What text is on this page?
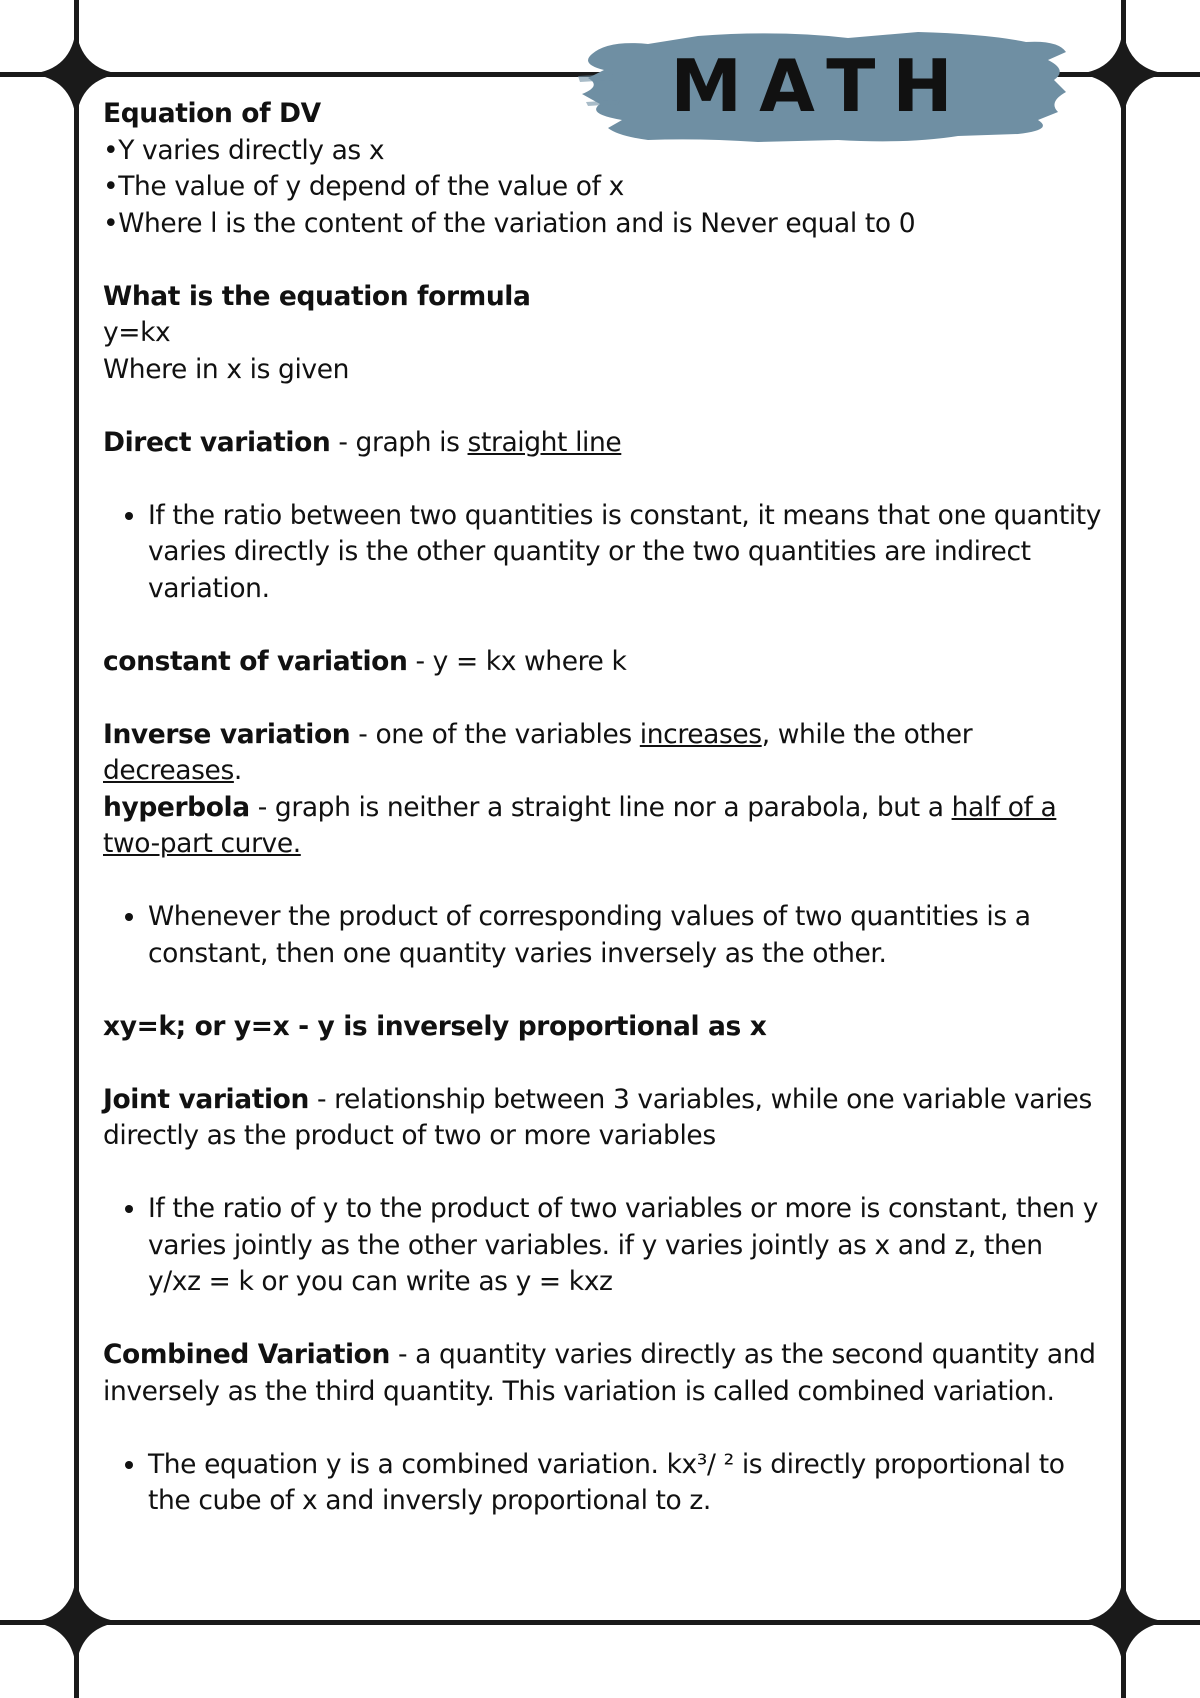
MATH

Equation of DV

•Y varies directly as x

•The value of y depend of the value of x

•Where l is the content of the variation and is Never equal to 0

What is the equation formula

y=kx

Where in x is given

Direct variation - graph is straight line

• If the ratio between two quantities is constant, it means that one quantity varies directly is the other quantity or the two quantities are indirect variation.

constant of variation - y = kx where k

Inverse variation - one of the variables increases, while the other decreases.

hyperbola - graph is neither a straight line nor a parabola, but a half of a two-part curve.

• Whenever the product of corresponding values of two quantities is a constant, then one quantity varies inversely as the other.

xy=k; or y=x - y is inversely proportional as x

Joint variation - relationship between 3 variables, while one variable varies directly as the product of two or more variables

• If the ratio of y to the product of two variables or more is constant, then y varies jointly as the other variables. if y varies jointly as x and z, then y/xz = k or you can write as y = kxz

Combined Variation - a quantity varies directly as the second quantity and inversely as the third quantity. This variation is called combined variation.

• The equation y is a combined variation. kx³/ ² is directly proportional to the cube of x and inversly proportional to z.
